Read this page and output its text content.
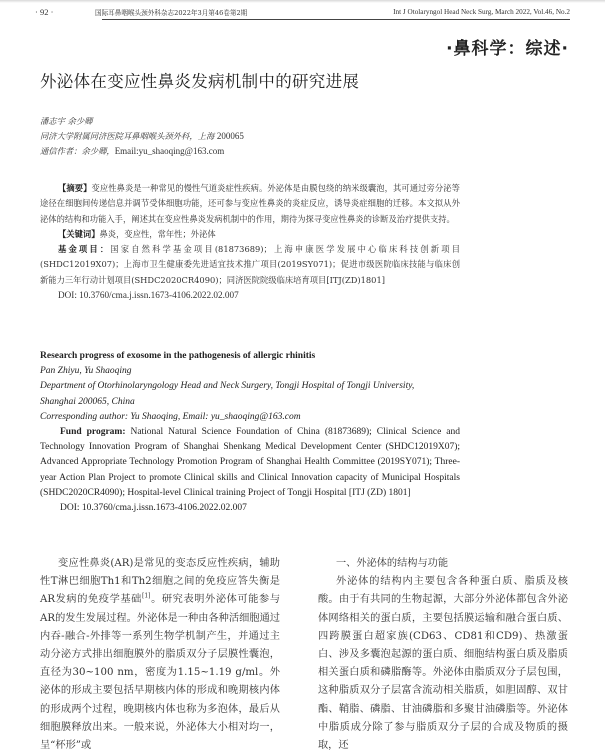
· 92 ·	国际耳鼻咽喉头颈外科杂志2022年3月第46卷第2期	Int J Otolaryngol Head Neck Surg, March 2022, Vol.46, No.2
·鼻科学：综述·
外泌体在变应性鼻炎发病机制中的研究进展
潘志宇 余少卿
同济大学附属同济医院耳鼻咽喉头颈外科，上海 200065
通信作者：余少卿，Email:yu_shaoqing@163.com

【摘要】变应性鼻炎是一种常见的慢性气道炎症性疾病。外泌体是由膜包绕的纳米级囊泡，其可通过旁分泌等途径在细胞间传递信息并调节受体细胞功能，还可参与变应性鼻炎的炎症反应，诱导炎症细胞的迁移。本文拟从外泌体的结构和功能入手，阐述其在变应性鼻炎发病机制中的作用，期待为探寻变应性鼻炎的诊断及治疗提供支持。

【关键词】鼻炎，变应性，常年性；外泌体

基金项目：国家自然科学基金项目(81873689)；上海申康医学发展中心临床科技创新项目(SHDC12019X07)；上海市卫生健康委先进适宜技术推广项目(2019SY071)；促进市级医院临床技能与临床创新能力三年行动计划项目(SHDC2020CR4090)；同济医院院级临床培育项目[ITJ(ZD)1801]

DOI: 10.3760/cma.j.issn.1673-4106.2022.02.007

Research progress of exosome in the pathogenesis of allergic rhinitis

Pan Zhiyu, Yu Shaoqing

Department of Otorhinolaryngology Head and Neck Surgery, Tongji Hospital of Tongji University,

Shanghai 200065, China

Corresponding author: Yu Shaoqing, Email: yu_shaoqing@163.com

Fund program: National Natural Science Foundation of China (81873689); Clinical Science and Technology Innovation Program of Shanghai Shenkang Medical Development Center (SHDC12019X07); Advanced Appropriate Technology Promotion Program of Shanghai Health Committee (2019SY071); Three-year Action Plan Project to promote Clinical skills and Clinical Innovation capacity of Municipal Hospitals (SHDC2020CR4090); Hospital-level Clinical training Project of Tongji Hospital [ITJ (ZD) 1801]

DOI: 10.3760/cma.j.issn.1673-4106.2022.02.007

变应性鼻炎(AR)是常见的变态反应性疾病，辅助性T淋巴细胞Th1和Th2细胞之间的免疫应答失衡是AR发病的免疫学基础[1]。研究表明外泌体可能参与AR的发生发展过程。外泌体是一种由各种活细胞通过内吞-融合-外排等一系列生物学机制产生，并通过主动分泌方式排出细胞膜外的脂质双分子层膜性囊泡，直径为30~100 nm，密度为1.15~1.19 g/ml。外泌体的形成主要包括早期核内体的形成和晚期核内体的形成两个过程，晚期核内体也称为多泡体，最后从细胞膜释放出来。一般来说，外泌体大小相对均一，呈“杯形”或

一、外泌体的结构与功能

外泌体的结构内主要包含各种蛋白质、脂质及核酸。由于有共同的生物起源，大部分外泌体都包含外泌体网络相关的蛋白质，主要包括膜运输和融合蛋白质、四跨膜蛋白超家族(CD63、CD81和CD9)、热激蛋白、涉及多囊泡起源的蛋白质、细胞结构蛋白质及脂质相关蛋白质和磷脂酶等。外泌体由脂质双分子层包围，这种脂质双分子层富含流动相关脂质，如胆固醇、双甘酯、鞘脂、磷脂、甘油磷脂和多聚甘油磷脂等。外泌体中脂质成分除了参与脂质双分子层的合成及物质的摄取，还
